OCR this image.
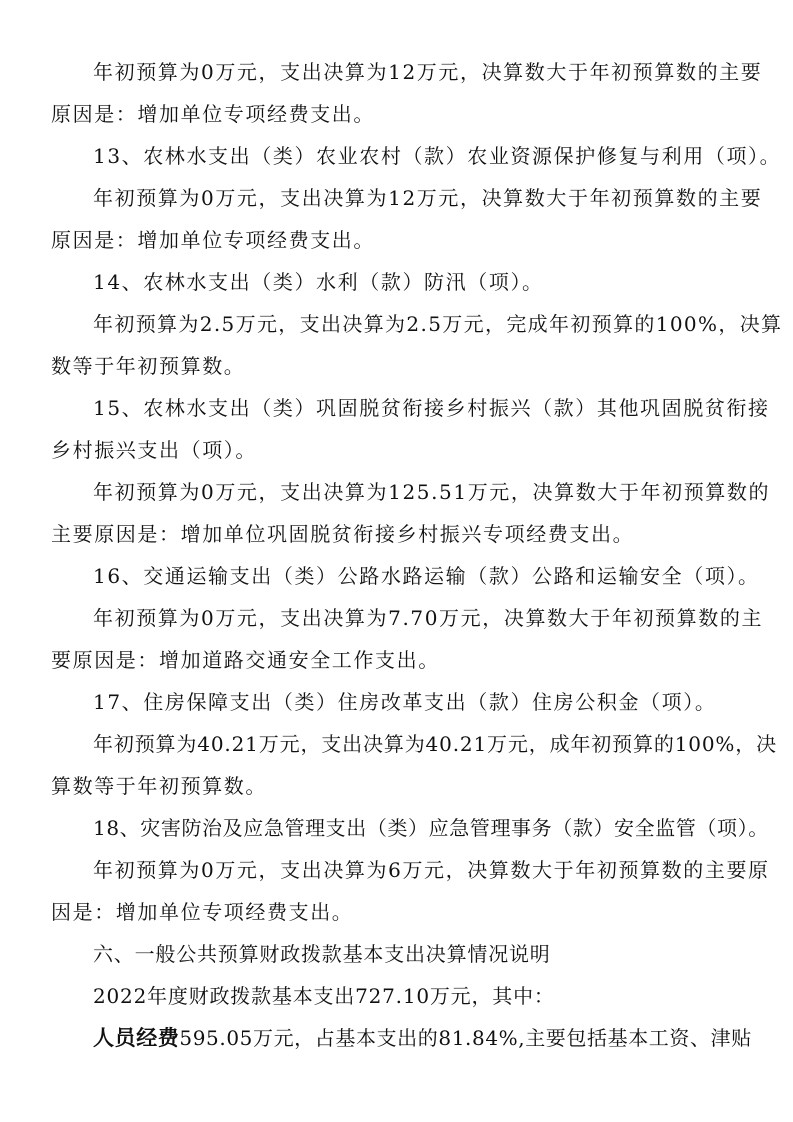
年初预算为0万元，支出决算为12万元，决算数大于年初预算数的主要
原因是：增加单位专项经费支出。
13、农林水支出（类）农业农村（款）农业资源保护修复与利用（项）。
年初预算为0万元，支出决算为12万元，决算数大于年初预算数的主要
原因是：增加单位专项经费支出。
14、农林水支出（类）水利（款）防汛（项）。
年初预算为2.5万元，支出决算为2.5万元，完成年初预算的100%，决算
数等于年初预算数。
15、农林水支出（类）巩固脱贫衔接乡村振兴（款）其他巩固脱贫衔接
乡村振兴支出（项）。
年初预算为0万元，支出决算为125.51万元，决算数大于年初预算数的
主要原因是：增加单位巩固脱贫衔接乡村振兴专项经费支出。
16、交通运输支出（类）公路水路运输（款）公路和运输安全（项）。
年初预算为0万元，支出决算为7.70万元，决算数大于年初预算数的主
要原因是：增加道路交通安全工作支出。
17、住房保障支出（类）住房改革支出（款）住房公积金（项）。
年初预算为40.21万元，支出决算为40.21万元，成年初预算的100%，决
算数等于年初预算数。
18、灾害防治及应急管理支出（类）应急管理事务（款）安全监管（项）。
年初预算为0万元，支出决算为6万元，决算数大于年初预算数的主要原
因是：增加单位专项经费支出。
六、一般公共预算财政拨款基本支出决算情况说明
2022年度财政拨款基本支出727.10万元，其中：
人员经费595.05万元，占基本支出的81.84%,主要包括基本工资、津贴
